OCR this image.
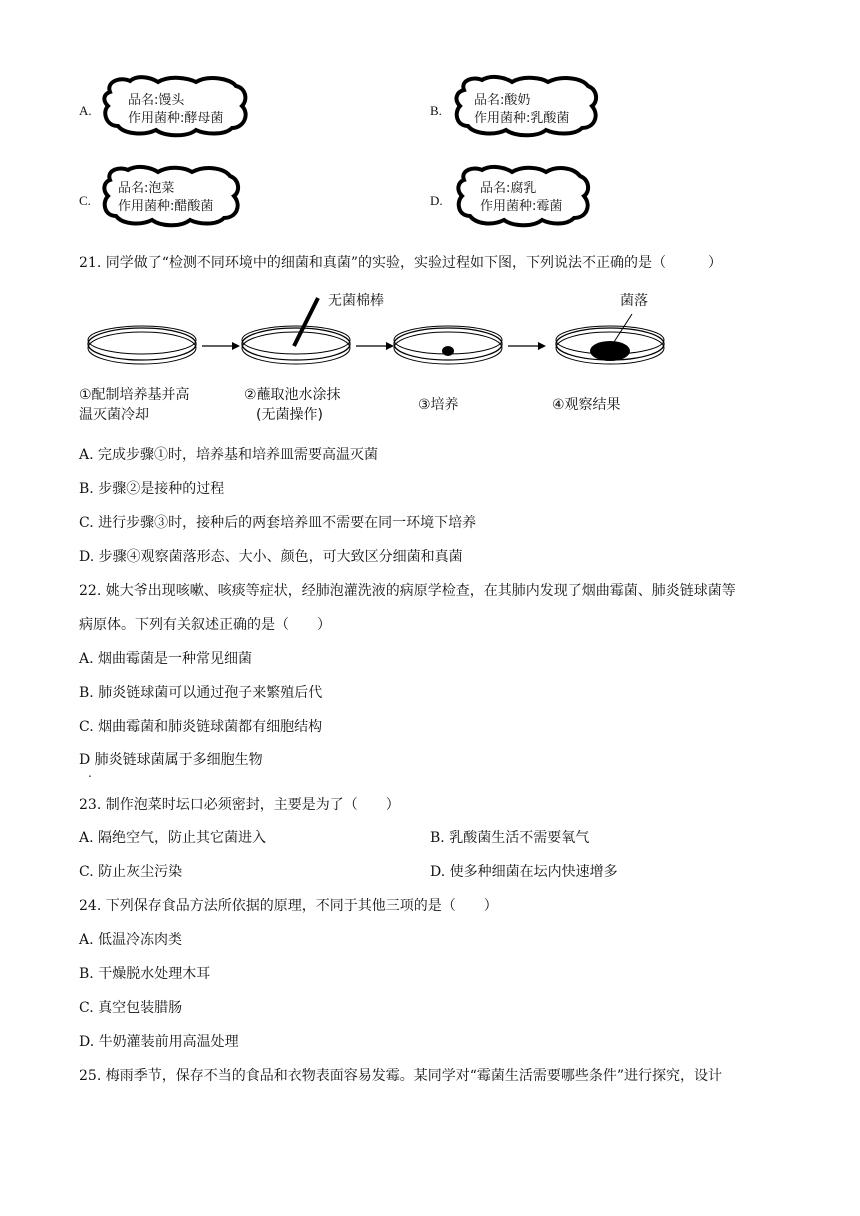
A.
品名:馒头
作用菌种:酵母菌
B.
品名:酸奶
作用菌种:乳酸菌
C.
品名:泡菜
作用菌种:醋酸菌	D.
品名:腐乳
作用菌种:霉菌
21. 同学做了“检测不同环境中的细菌和真菌”的实验，实验过程如下图，下列说法不正确的是（　　　）
无菌棉棒	菌落
①配制培养基并高
温灭菌冷却
②蘸取池水涂抹
(无菌操作)
③培养	④观察结果
A. 完成步骤①时，培养基和培养皿需要高温灭菌
B. 步骤②是接种的过程
C. 进行步骤③时，接种后的两套培养皿不需要在同一环境下培养
D. 步骤④观察菌落形态、大小、颜色，可大致区分细菌和真菌
22. 姚大爷出现咳嗽、咳痰等症状，经肺泡灌洗液的病原学检查，在其肺内发现了烟曲霉菌、肺炎链球菌等
病原体。下列有关叙述正确的是（　　）
A. 烟曲霉菌是一种常见细菌
B. 肺炎链球菌可以通过孢子来繁殖后代
C. 烟曲霉菌和肺炎链球菌都有细胞结构
D 肺炎链球菌属于多细胞生物
.
23. 制作泡菜时坛口必须密封，主要是为了（　　）
A. 隔绝空气，防止其它菌进入	B. 乳酸菌生活不需要氧气
C. 防止灰尘污染	D. 使多种细菌在坛内快速增多
24. 下列保存食品方法所依据的原理，不同于其他三项的是（　　）
A. 低温冷冻肉类
B. 干燥脱水处理木耳
C. 真空包装腊肠
D. 牛奶灌装前用高温处理
25. 梅雨季节，保存不当的食品和衣物表面容易发霉。某同学对“霉菌生活需要哪些条件”进行探究，设计
